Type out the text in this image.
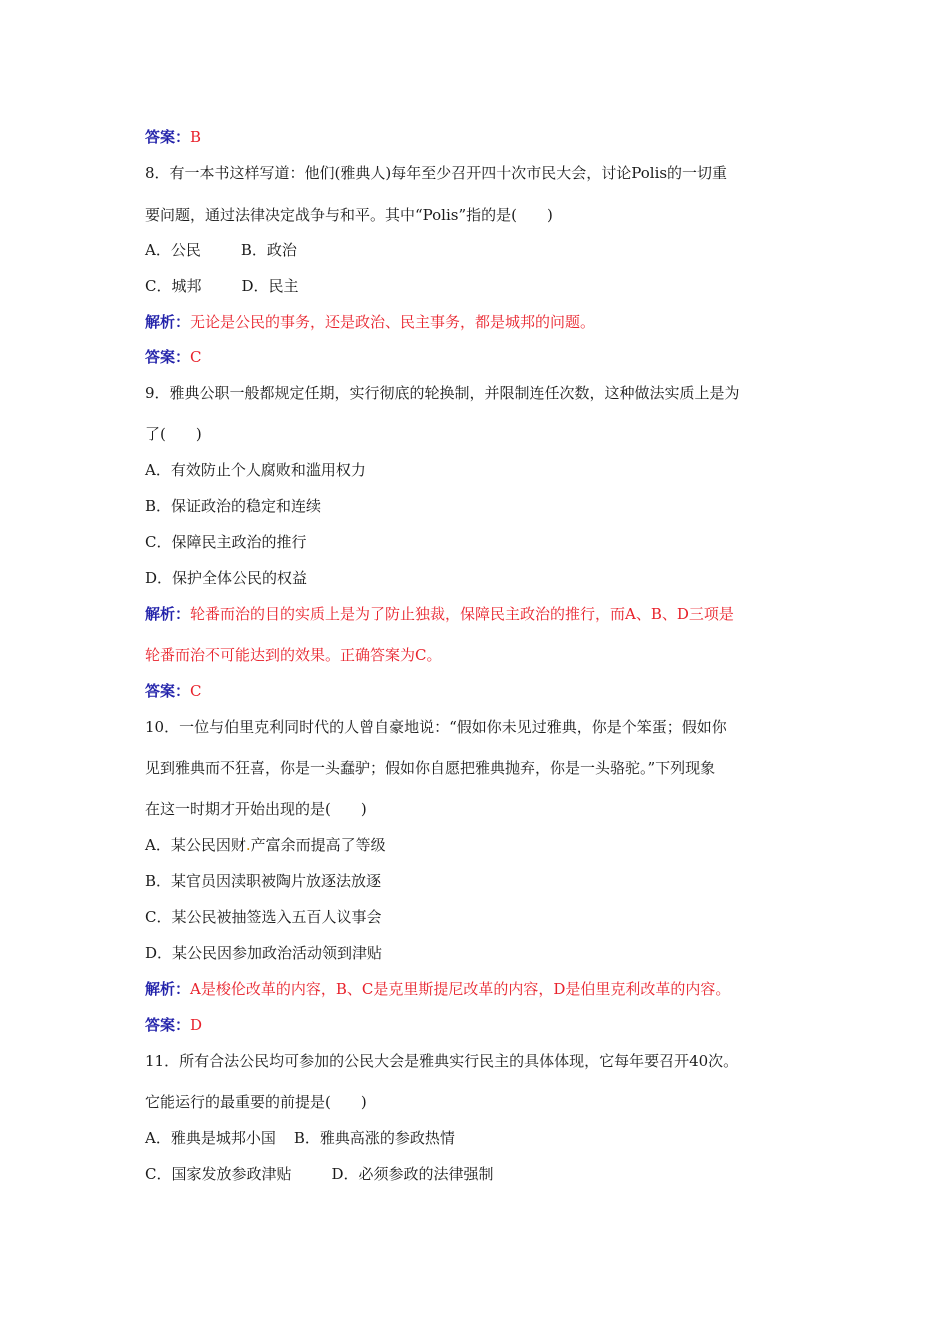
答案：B
8．有一本书这样写道：他们(雅典人)每年至少召开四十次市民大会，讨论Polis的一切重
要问题，通过法律决定战争与和平。其中“Polis”指的是(　　)
A．公民	B．政治
C．城邦	D．民主
解析：无论是公民的事务，还是政治、民主事务，都是城邦的问题。
答案：C
9．雅典公职一般都规定任期，实行彻底的轮换制，并限制连任次数，这种做法实质上是为
了(　　)
A．有效防止个人腐败和滥用权力
B．保证政治的稳定和连续
C．保障民主政治的推行
D．保护全体公民的权益
解析：轮番而治的目的实质上是为了防止独裁，保障民主政治的推行，而A、B、D三项是
轮番而治不可能达到的效果。正确答案为C。
答案：C
10．一位与伯里克利同时代的人曾自豪地说：“假如你未见过雅典，你是个笨蛋；假如你
见到雅典而不狂喜，你是一头蠢驴；假如你自愿把雅典抛弃，你是一头骆驼。”下列现象
在这一时期才开始出现的是(　　)
A．某公民因财.产富余而提高了等级
B．某官员因渎职被陶片放逐法放逐
C．某公民被抽签选入五百人议事会
D．某公民因参加政治活动领到津贴
解析：A是梭伦改革的内容，B、C是克里斯提尼改革的内容，D是伯里克利改革的内容。
答案：D
11．所有合法公民均可参加的公民大会是雅典实行民主的具体体现，它每年要召开40次。
它能运行的最重要的前提是(　　)
A．雅典是城邦小国 B．雅典高涨的参政热情
C．国家发放参政津贴	D．必须参政的法律强制
